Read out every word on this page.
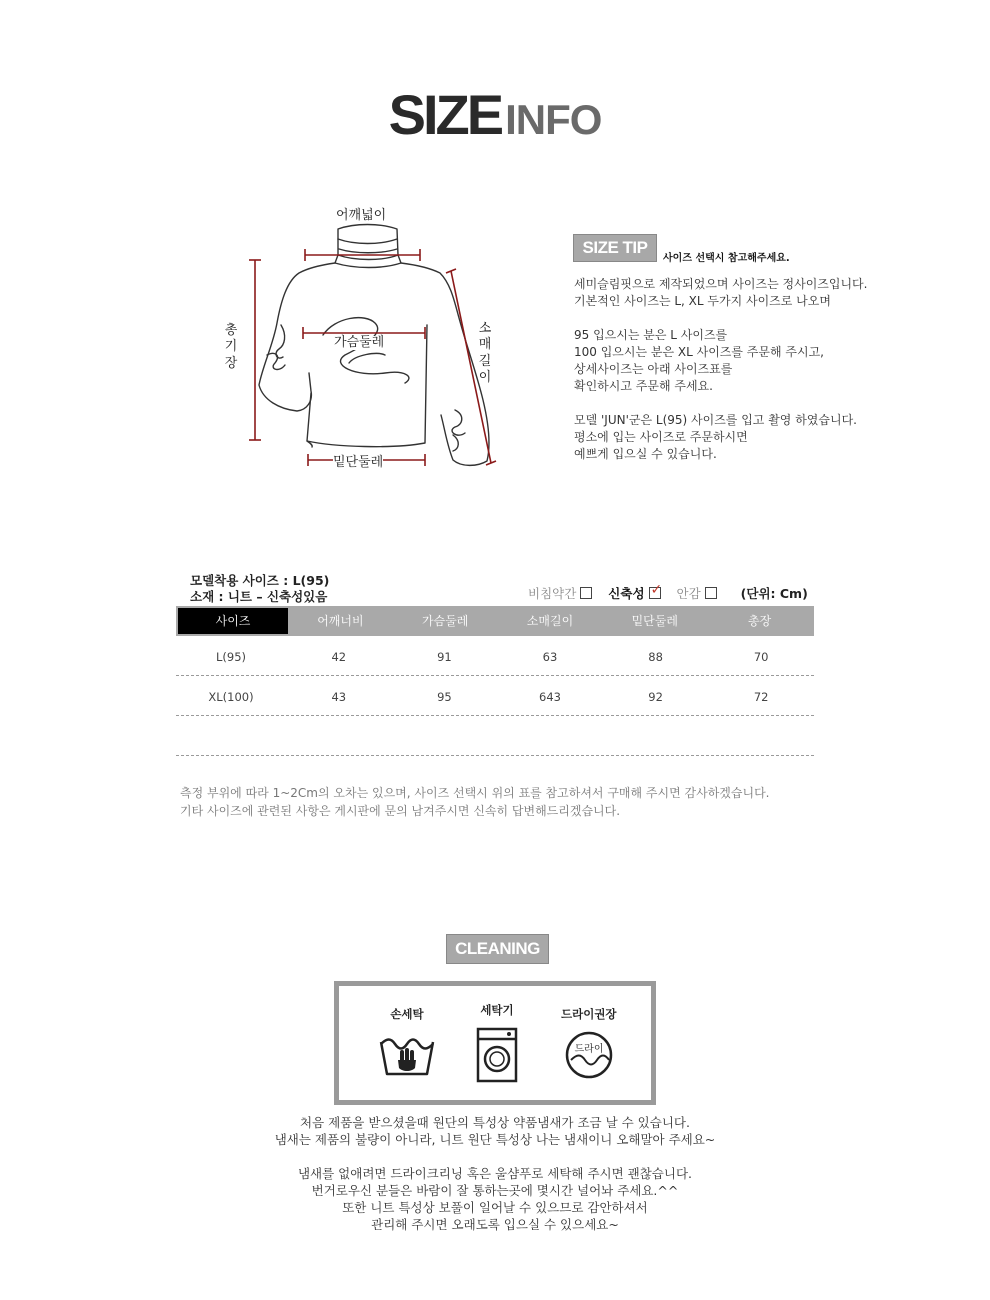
SIZEINFO
어깨넓이
총기장
소매길이
가슴둘레
밑단둘레
SIZE TIP
사이즈 선택시 참고해주세요.
세미슬림핏으로 제작되었으며 사이즈는 정사이즈입니다.
기본적인 사이즈는 L, XL 두가지 사이즈로 나오며
95 입으시는 분은 L 사이즈를
100 입으시는 분은 XL 사이즈를 주문해 주시고,
상세사이즈는 아래 사이즈표를
확인하시고 주문해 주세요.
모델 'JUN'군은 L(95) 사이즈를 입고 촬영 하였습니다.
평소에 입는 사이즈로 주문하시면
예쁘게 입으실 수 있습니다.
모델착용 사이즈 : L(95)
소재 : 니트 – 신축성있음	비침약간	신축성 ✓ 안감	(단위: Cm)
사이즈	어깨너비	가슴둘레	소매길이	밑단둘레	총장
L(95)	42	91	63	88	70
XL(100)	43	95	643	92	72
측정 부위에 따라 1~2Cm의 오차는 있으며, 사이즈 선택시 위의 표를 참고하셔서 구매해 주시면 감사하겠습니다.
기타 사이즈에 관련된 사항은 게시판에 문의 남겨주시면 신속히 답변해드리겠습니다.
CLEANING
손세탁	세탁기	드라이권장
드라이
처음 제품을 받으셨을때 원단의 특성상 약품냄새가 조금 날 수 있습니다.
냄새는 제품의 불량이 아니라, 니트 원단 특성상 나는 냄새이니 오해말아 주세요~
냄새를 없애려면 드라이크리닝 혹은 울샴푸로 세탁해 주시면 괜찮습니다.
번거로우신 분들은 바람이 잘 통하는곳에 몇시간 널어놔 주세요.^^
또한 니트 특성상 보풀이 일어날 수 있으므로 감안하셔서
관리해 주시면 오래도록 입으실 수 있으세요~
